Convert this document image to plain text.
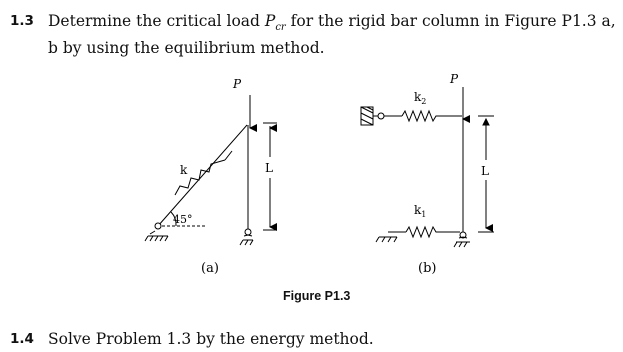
1.3 Determine the critical load $P_{cr}$ for the rigid bar column in Figure P1.3 a, b by using the equilibrium method.
P
k
45°
L
(a)
P
$k_2$
$k_1$
L
(b)
Figure P1.3
1.4 Solve Problem 1.3 by the energy method.
